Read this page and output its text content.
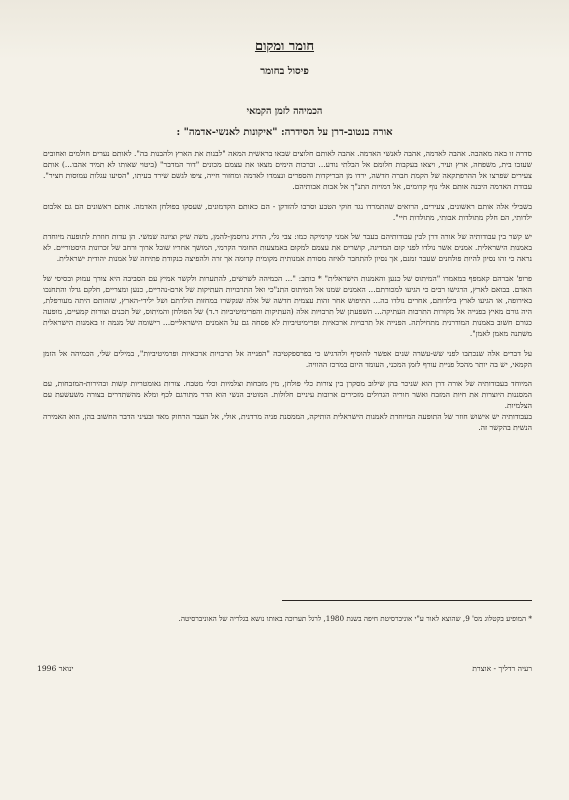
חומר ומקום
פיסול בחומר
הכמיהה לזמן הקמאי
אורה בנטוב-דרן על הסידרה: "איקונות לאנשי-אדמה" :

סדרה זו באה מאהבה. אהבה לאדמה, אהבה לאנשי האדמה. אהבה לאותם חלוצים שבאו בראשית המאה "לבנות את הארץ ולהבנות בה". לאותם נערים חולמים ואחובים שעזבו בית, משפחה, ארץ ועיר, ויצאו בעקבות חלומם אל הבלתי נודע... וברבות הימים מצאו את עצמם מכונים "דור המדבר" (ביטוי שאותו לא תמיד אהבו...) אותם צעירים שפרצו אל ההרפתקאה של הקמת חברה חדשה, ירדו מן הבריקדות והספרים ונצמדו לאדמה ומחזור חייה, ציפו לגשם שירד בעיתו, "הסיעו עגלות עמוסות חציר". עבודת האדמה היבנה אותם אלי נוף קדומים, אל דמויות התנ"ך אל אבות אבותיהם.

בשבילי אלה אותם ראשונים, צעירים, הרואים שהתמרדו נגד חוקי הטבע וסרבו להזדקן - הם כאותם הקדמונים, שעסקו בפולחן האדמה. אותם ראשונים הם גם אלבום ילדותי, הם חלק מתולדות אבותי, מתולדות חיי".

יש קשר בין עבודותיה של אורה דרן לבין עבודותיהם בעבר של אמני קרמיקה כמו: צבי גלי, הדויג גרוסמן-להמן, משה שיק וציונה שמשי. הן עדות חוזרת לתופעה מיוחדת באמנות הישראלית. אמנים אשר נולדו לפני קום המדינה, קושרים את עצמם למקום באמצעות החומר הקרמי, המושך אחריו שובל ארוך ורחב של זכרונות היסטוריים. לא נראה כי זהו נסיון להיות פולחנים שעבר זמנם, אך נסיון להתחבר לאיזה מסורת אמנותית מקומית קדומה אך זרה ולהפיצה כנקודת פתיחה של אמנות יהודית ישראלית.

פרופ' אברהם קאמפף במאמרו "המיתוס של כנען והאמנות הישראלית" * כותב: "... הכמיהה לשרשים, להתערות ולקשר אמיץ עם הסביבה היא צורך עמוק ובסיסי של האדם. בבואם לארץ, הרגישו רבים כי הגיעו למכורתם... האמנים שמנו אל המיתוס התנ"כי ואל התרבויות העתיקות של ארם-נהריים, כנען ומצריים, חלקם גדלו והתחנכו באירופה, או הגיעו לארץ בילדותם, אחרים נולדו בה... התיפוש אחר זהות עצמית חדשה של אלה שנקשרו במחזות הולדתם ושל ילידי-הארץ, שזהותם היתה מעורפלת, היה גורם מאיץ בפנייה אל מקורות התרבות העתיקה... השפעתן של תרבויות אלה (העתיקות והפרימיטיביות ר.ד) של הפולחן והמיתוס, של תכנים וצורות קמעיים, מופעה כגורם חשוב באמנות המודרנית מתחילתה. הפנייה אל תרבויות ארכאיות ופרימיטיביות לא פסחה גם על האמנים הישראליים... רישומה של מגמה זו באמנות הישראלית משתנה מאמן לאמן".

על דברים אלה שנכתבו לפני שש-עשרה שנים אפשר להוסיף ולהדגיש כי בפרספקטיבה "הפנייה אל תרבויות ארכאיות ופרמיטיביות", במילים שלי, הכמיהה אל הזמן הקמאי, יש בה יותר מהכל פניית עורף לזמן המכני, העומד היום במרכז ההוויה.

המיוחד בעבודותיה של אורה דרן הוא שניכר בהן שילוב מסקרן בין צורות כלי פולחן, מין מזבחות וצלמיות וכלי מטבח. צורות גאומטריות קשות ובהירות-המזבחות, עם המסננות היוצרות את חיות המזבח ואשר חוריה הגדולים מזכירים ארובות עיניים חלולות. המוטיב הנשי הוא הדר מתורגם לכף ומלא מהשתדרים בצורה משעשעת עם הצלמיות.

בעבודותיה יש אישוש חוזר של התופעה המיוחדת לאמנות הישראלית הותיקה, הממסנת פניה מרדנית, אולי, אל העבר הרחוק מאד ובעיני הדבר החשוב בהן, הוא האמירה הנשית בהקשר זה.

* המופיע בקטלוג מס' 9, שהוצא לאור ע"י אוניברסיטת חיפה בשנת 1980, לרגל תערוכה באותו נושא בגלריה של האוניברסיטה.
רעיה רדליך - אוצרת
ינואר 1996
